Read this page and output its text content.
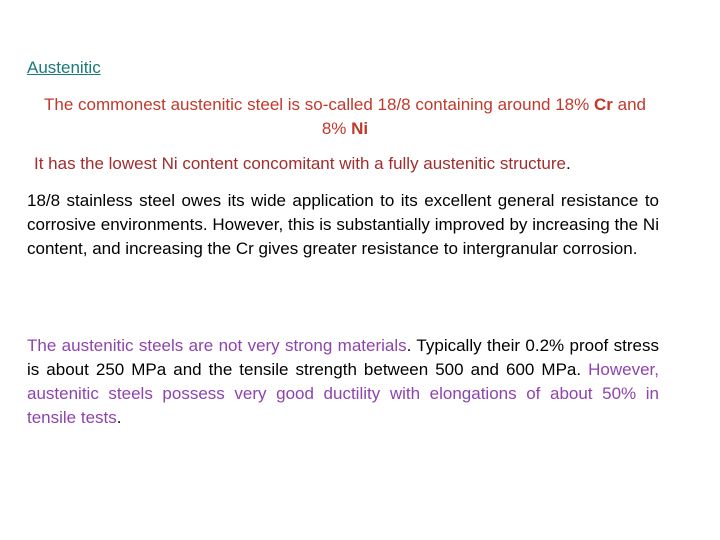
Austenitic

The commonest austenitic steel is so-called 18/8 containing around 18% Cr and 8% Ni
It has the lowest Ni content concomitant with a fully austenitic structure.

18/8 stainless steel owes its wide application to its excellent general resistance to corrosive environments. However, this is substantially improved by increasing the Ni content, and increasing the Cr gives greater resistance to intergranular corrosion.

The austenitic steels are not very strong materials. Typically their 0.2% proof stress is about 250 MPa and the tensile strength between 500 and 600 MPa. However, austenitic steels possess very good ductility with elongations of about 50% in tensile tests.
